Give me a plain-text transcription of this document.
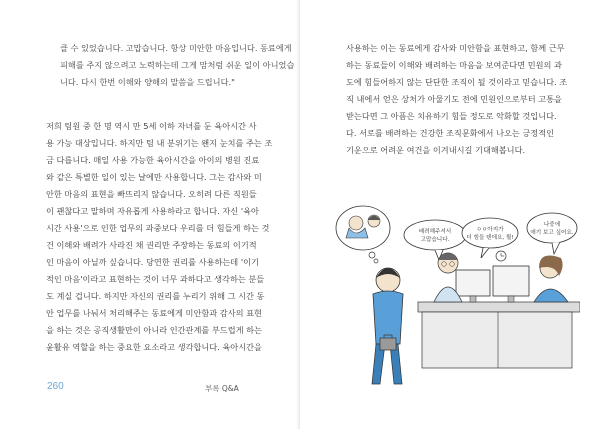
클 수 있었습니다. 고맙습니다. 항상 미안한 마음입니다. 동료에게

피해를 주지 않으려고 노력하는데 그게 맘처럼 쉬운 일이 아니었습

니다. 다시 한번 이해와 양해의 말씀을 드립니다."

저희 팀원 중 한 명 역시 만 5세 이하 자녀를 둔 육아시간 사

용 가능 대상입니다. 하지만 팀 내 분위기는 왠지 눈치를 주는 조

금 다릅니다. 매일 사용 가능한 육아시간을 아이의 병원 진료

와 같은 특별한 일이 있는 날에만 사용합니다. 그는 감사와 미

안한 마음의 표현을 빠뜨리지 않습니다. 오히려 다른 직원들

이 괜찮다고 말하며 자유롭게 사용하라고 합니다. 자신 '육아

시간 사용'으로 인한 업무의 과중보다 우리를 더 힘들게 하는 것

건 이해와 배려가 사라진 채 권리만 주장하는 동료의 이기적

인 마음이 아닐까 싶습니다. 당연한 권리를 사용하는데 '이기

적인 마음'이라고 표현하는 것이 너무 과하다고 생각하는 분들

도 계실 겁니다. 하지만 자신의 권리를 누리기 위해 그 시간 동

안 업무를 나눠서 처리해주는 동료에게 미안함과 감사의 표현

을 하는 것은 공직생활만이 아니라 인간관계를 부드럽게 하는

윤활유 역할을 하는 중요한 요소라고 생각합니다. 육아시간을

260	부록 Q&A

사용하는 이는 동료에게 감사와 미안함을 표현하고, 함께 근무

하는 동료들이 이해와 배려하는 마음을 보여준다면 민원의 과

도에 힘들어하지 않는 단단한 조직이 될 것이라고 믿습니다. 조

직 내에서 얻은 상처가 아물기도 전에 민원인으로부터 고통을

받는다면 그 아픔은 치유하기 힘들 정도로 악화할 것입니다.

다. 서로를 배려하는 건강한 조직문화에서 나오는 긍정적인

기운으로 어려운 여건을 이겨내시길 기대해봅니다.

배려해주셔서
고맙습니다.
ㅇㅇ아지가
더 힘들 텐데요, 뭘!
나중에
애기 보고 싶어요.
